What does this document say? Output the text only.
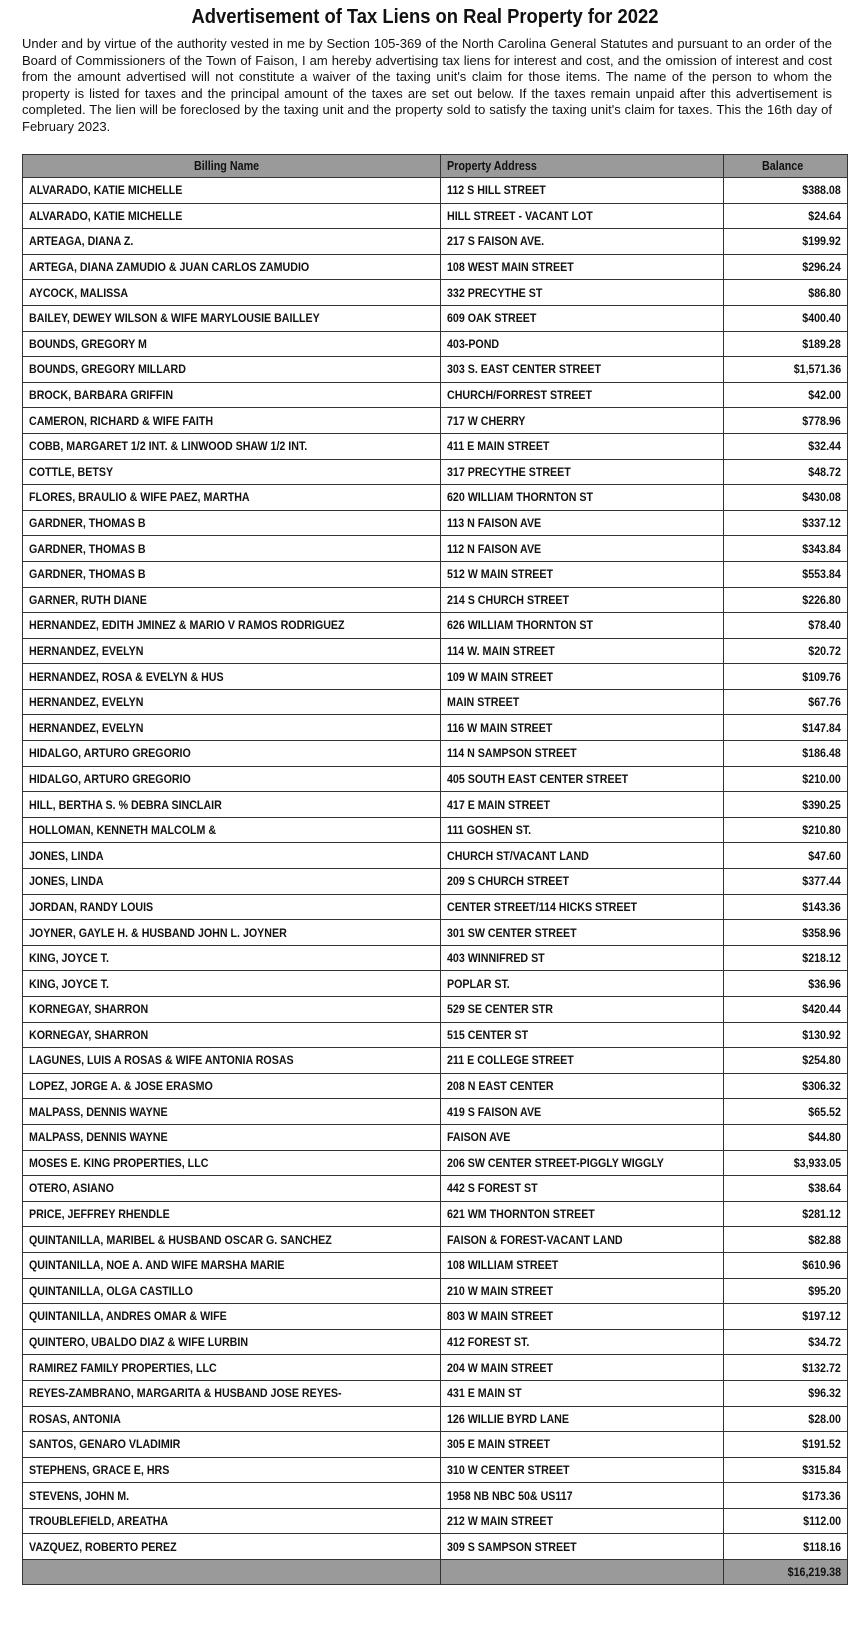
Advertisement of Tax Liens on Real Property for 2022
Under and by virtue of the authority vested in me by Section 105-369 of the North Carolina General Statutes and pursuant to an order of the Board of Commissioners of the Town of Faison, I am hereby advertising tax liens for interest and cost, and the omission of interest and cost from the amount advertised will not constitute a waiver of the taxing unit's claim for those items. The name of the person to whom the property is listed for taxes and the principal amount of the taxes are set out below. If the taxes remain unpaid after this advertisement is completed. The lien will be foreclosed by the taxing unit and the property sold to satisfy the taxing unit's claim for taxes. This the 16th day of February 2023.
Billing Name	Property Address	Balance
ALVARADO, KATIE MICHELLE	112 S HILL STREET	$388.08
ALVARADO, KATIE MICHELLE	HILL STREET - VACANT LOT	$24.64
ARTEAGA, DIANA Z.	217 S FAISON AVE.	$199.92
ARTEGA, DIANA ZAMUDIO & JUAN CARLOS ZAMUDIO	108 WEST MAIN STREET	$296.24
AYCOCK, MALISSA	332 PRECYTHE ST	$86.80
BAILEY, DEWEY WILSON & WIFE MARYLOUSIE BAILLEY	609 OAK STREET	$400.40
BOUNDS, GREGORY M	403-POND	$189.28
BOUNDS, GREGORY MILLARD	303 S. EAST CENTER STREET	$1,571.36
BROCK, BARBARA GRIFFIN	CHURCH/FORREST STREET	$42.00
CAMERON, RICHARD & WIFE FAITH	717 W CHERRY	$778.96
COBB, MARGARET 1/2 INT. & LINWOOD SHAW 1/2 INT.	411 E MAIN STREET	$32.44
COTTLE, BETSY	317 PRECYTHE STREET	$48.72
FLORES, BRAULIO & WIFE PAEZ, MARTHA	620 WILLIAM THORNTON ST	$430.08
GARDNER, THOMAS B	113 N FAISON AVE	$337.12
GARDNER, THOMAS B	112 N FAISON AVE	$343.84
GARDNER, THOMAS B	512 W MAIN STREET	$553.84
GARNER, RUTH DIANE	214 S CHURCH STREET	$226.80
HERNANDEZ, EDITH JMINEZ & MARIO V RAMOS RODRIGUEZ	626 WILLIAM THORNTON ST	$78.40
HERNANDEZ, EVELYN	114 W. MAIN STREET	$20.72
HERNANDEZ, ROSA & EVELYN & HUS	109 W MAIN STREET	$109.76
HERNANDEZ, EVELYN	MAIN STREET	$67.76
HERNANDEZ, EVELYN	116 W MAIN STREET	$147.84
HIDALGO, ARTURO GREGORIO	114 N SAMPSON STREET	$186.48
HIDALGO, ARTURO GREGORIO	405 SOUTH EAST CENTER STREET	$210.00
HILL, BERTHA S. % DEBRA SINCLAIR	417 E MAIN STREET	$390.25
HOLLOMAN, KENNETH MALCOLM &	111 GOSHEN ST.	$210.80
JONES, LINDA	CHURCH ST/VACANT LAND	$47.60
JONES, LINDA	209 S CHURCH STREET	$377.44
JORDAN, RANDY LOUIS	CENTER STREET/114 HICKS STREET	$143.36
JOYNER, GAYLE H. & HUSBAND JOHN L. JOYNER	301 SW CENTER STREET	$358.96
KING, JOYCE T.	403 WINNIFRED ST	$218.12
KING, JOYCE T.	POPLAR ST.	$36.96
KORNEGAY, SHARRON	529 SE CENTER STR	$420.44
KORNEGAY, SHARRON	515 CENTER ST	$130.92
LAGUNES, LUIS A ROSAS & WIFE ANTONIA ROSAS	211 E COLLEGE STREET	$254.80
LOPEZ, JORGE A. & JOSE ERASMO	208 N EAST CENTER	$306.32
MALPASS, DENNIS WAYNE	419 S FAISON AVE	$65.52
MALPASS, DENNIS WAYNE	FAISON AVE	$44.80
MOSES E. KING PROPERTIES, LLC	206 SW CENTER STREET-PIGGLY WIGGLY	$3,933.05
OTERO, ASIANO	442 S FOREST ST	$38.64
PRICE, JEFFREY RHENDLE	621 WM THORNTON STREET	$281.12
QUINTANILLA, MARIBEL & HUSBAND OSCAR G. SANCHEZ	FAISON & FOREST-VACANT LAND	$82.88
QUINTANILLA, NOE A. AND WIFE MARSHA MARIE	108 WILLIAM STREET	$610.96
QUINTANILLA, OLGA CASTILLO	210 W MAIN STREET	$95.20
QUINTANILLA, ANDRES OMAR & WIFE	803 W MAIN STREET	$197.12
QUINTERO, UBALDO DIAZ & WIFE LURBIN	412 FOREST ST.	$34.72
RAMIREZ FAMILY PROPERTIES, LLC	204 W MAIN STREET	$132.72
REYES-ZAMBRANO, MARGARITA & HUSBAND JOSE REYES-	431 E MAIN ST	$96.32
ROSAS, ANTONIA	126 WILLIE BYRD LANE	$28.00
SANTOS, GENARO VLADIMIR	305 E MAIN STREET	$191.52
STEPHENS, GRACE E, HRS	310 W CENTER STREET	$315.84
STEVENS, JOHN M.	1958 NB NBC 50& US117	$173.36
TROUBLEFIELD, AREATHA	212 W MAIN STREET	$112.00
VAZQUEZ, ROBERTO PEREZ	309 S SAMPSON STREET	$118.16
		$16,219.38
